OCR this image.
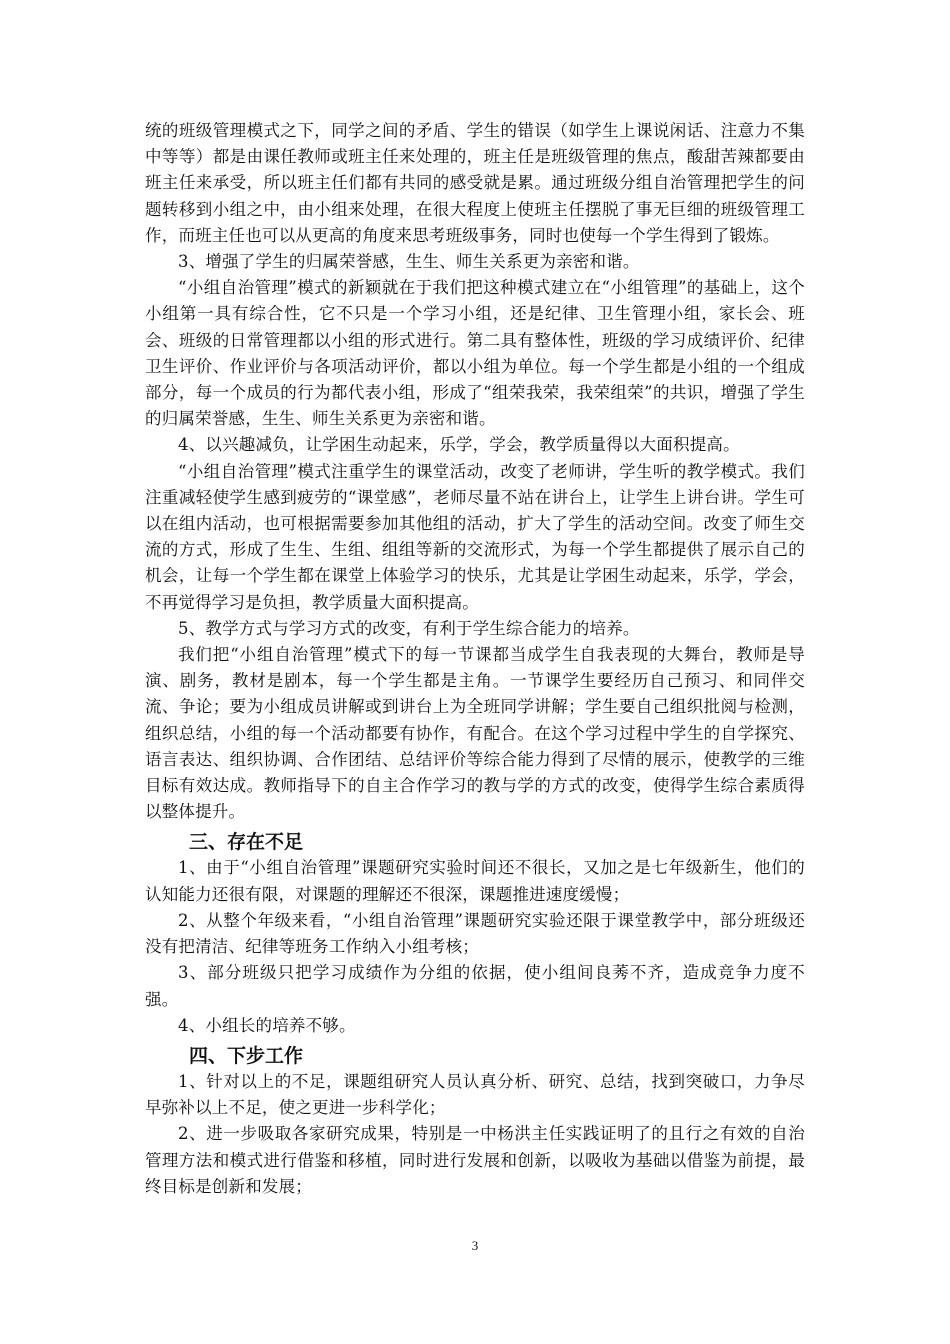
统的班级管理模式之下，同学之间的矛盾、学生的错误（如学生上课说闲话、注意力不集中等等）都是由课任教师或班主任来处理的，班主任是班级管理的焦点，酸甜苦辣都要由班主任来承受，所以班主任们都有共同的感受就是累。通过班级分组自治管理把学生的问题转移到小组之中，由小组来处理，在很大程度上使班主任摆脱了事无巨细的班级管理工作，而班主任也可以从更高的角度来思考班级事务，同时也使每一个学生得到了锻炼。

3、增强了学生的归属荣誉感，生生、师生关系更为亲密和谐。

“小组自治管理”模式的新颖就在于我们把这种模式建立在“小组管理”的基础上，这个小组第一具有综合性，它不只是一个学习小组，还是纪律、卫生管理小组，家长会、班会、班级的日常管理都以小组的形式进行。第二具有整体性，班级的学习成绩评价、纪律卫生评价、作业评价与各项活动评价，都以小组为单位。每一个学生都是小组的一个组成部分，每一个成员的行为都代表小组，形成了“组荣我荣，我荣组荣”的共识，增强了学生的归属荣誉感，生生、师生关系更为亲密和谐。

4、以兴趣减负，让学困生动起来，乐学，学会，教学质量得以大面积提高。

“小组自治管理”模式注重学生的课堂活动，改变了老师讲，学生听的教学模式。我们注重减轻使学生感到疲劳的“课堂感”，老师尽量不站在讲台上，让学生上讲台讲。学生可以在组内活动，也可根据需要参加其他组的活动，扩大了学生的活动空间。改变了师生交流的方式，形成了生生、生组、组组等新的交流形式，为每一个学生都提供了展示自己的机会，让每一个学生都在课堂上体验学习的快乐，尤其是让学困生动起来，乐学，学会，不再觉得学习是负担，教学质量大面积提高。

5、教学方式与学习方式的改变，有利于学生综合能力的培养。

我们把“小组自治管理”模式下的每一节课都当成学生自我表现的大舞台，教师是导演、剧务，教材是剧本，每一个学生都是主角。一节课学生要经历自己预习、和同伴交流、争论；要为小组成员讲解或到讲台上为全班同学讲解；学生要自己组织批阅与检测，组织总结，小组的每一个活动都要有协作，有配合。在这个学习过程中学生的自学探究、语言表达、组织协调、合作团结、总结评价等综合能力得到了尽情的展示，使教学的三维目标有效达成。教师指导下的自主合作学习的教与学的方式的改变，使得学生综合素质得以整体提升。

三、存在不足

1、由于“小组自治管理”课题研究实验时间还不很长，又加之是七年级新生，他们的认知能力还很有限，对课题的理解还不很深，课题推进速度缓慢；

2、从整个年级来看，“小组自治管理”课题研究实验还限于课堂教学中，部分班级还没有把清洁、纪律等班务工作纳入小组考核；

3、部分班级只把学习成绩作为分组的依据，使小组间良莠不齐，造成竞争力度不强。

4、小组长的培养不够。

四、下步工作

1、针对以上的不足，课题组研究人员认真分析、研究、总结，找到突破口，力争尽早弥补以上不足，使之更进一步科学化；

2、进一步吸取各家研究成果，特别是一中杨洪主任实践证明了的且行之有效的自治管理方法和模式进行借鉴和移植，同时进行发展和创新，以吸收为基础以借鉴为前提，最终目标是创新和发展；

3
